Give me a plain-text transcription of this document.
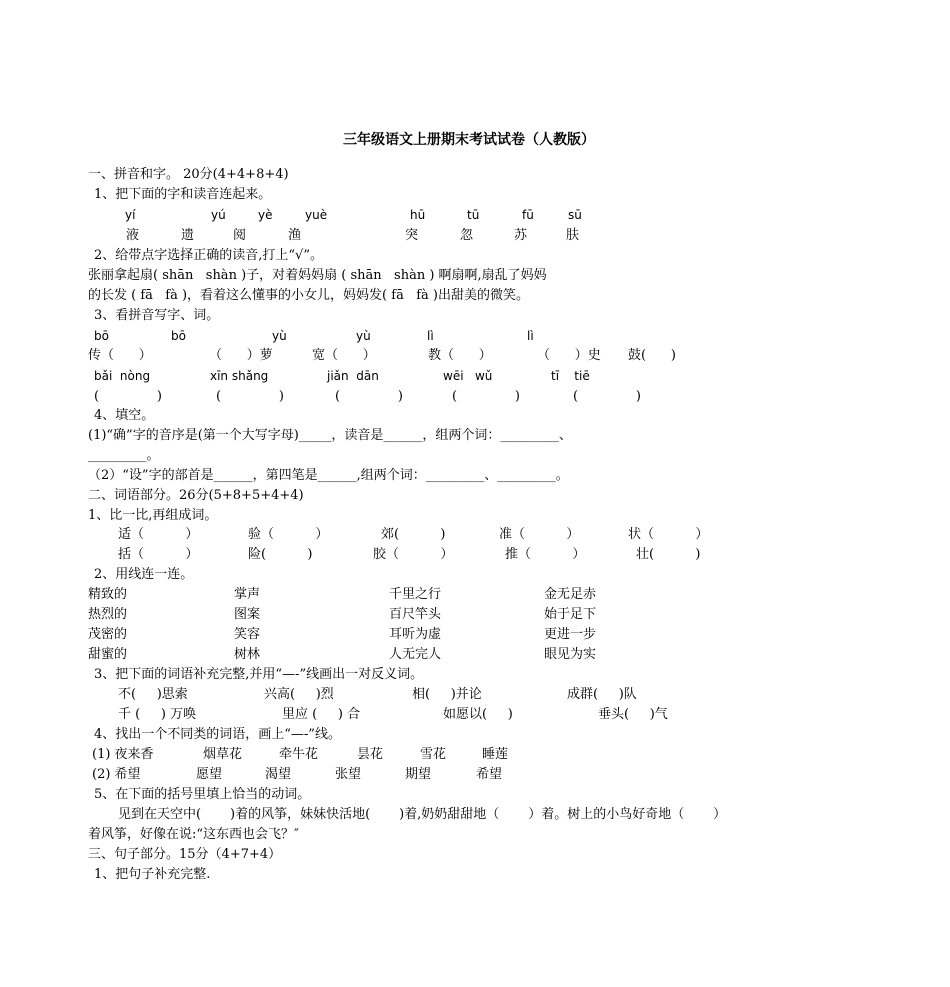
三年级语文上册期末考试试卷（人教版）
一、拼音和字。 20分(4+4+8+4)
1、把下面的字和读音连起来。
yí	yú	yè	yuè	hū	tū	fū	sū
液	遗	阅	渔	突	忽	苏	肤
2、给带点字选择正确的读音,打上“√”。
张丽拿起扇( shān   shàn )子，对着妈妈扇 ( shān   shàn ) 啊扇啊,扇乱了妈妈
的长发 ( fā   fà )，看着这么懂事的小女儿，妈妈发( fā   fà )出甜美的微笑。
3、看拼音写字、词。
bō	bō	yù	yù	lì	lì
传（      ）	（      ）萝	宽（      ）	教（      ）	（      ）史 鼓(      )
bǎi  nòng	xīn shǎng	jiǎn  dān	wēi   wǔ	tī    tiē
(              )	(              )	(              )	(              )	(              )
4、填空。
(1)“确”字的音序是(第一个大写字母)_____，读音是______，组两个词：_________、
_________。
（2）“设”字的部首是______，第四笔是______,组两个词：_________、_________。
二、词语部分。26分(5+8+5+4+4)
1、比一比,再组成词。
适（          ）	验（          ）	郊(          )	准（          ）	状（          ）
括（          ）	险(          )	胶（          ）	推（          ）	壮(          )
2、用线连一连。
精致的	掌声	千里之行	金无足赤
热烈的	图案	百尺竿头	始于足下
茂密的	笑容	耳听为虚	更进一步
甜蜜的	树林	人无完人	眼见为实
3、把下面的词语补充完整,并用“—-”线画出一对反义词。
不(     )思索	兴高(     )烈	相(     )并论	成群(     )队
千 (     ) 万唤	里应 (     ) 合	如愿以(     )	垂头(     )气
4、找出一个不同类的词语，画上“—-”线。
(1) 夜来香	烟草花	牵牛花	昙花	雪花	睡莲
(2) 希望	愿望	渴望	张望	期望	希望
5、在下面的括号里填上恰当的动词。
见到在天空中(       )着的风筝，妹妹快活地(       )着,奶奶甜甜地（       ）着。树上的小鸟好奇地（       ）
着风筝，好像在说:“这东西也会飞？″
三、句子部分。15分（4+7+4）
1、把句子补充完整.
